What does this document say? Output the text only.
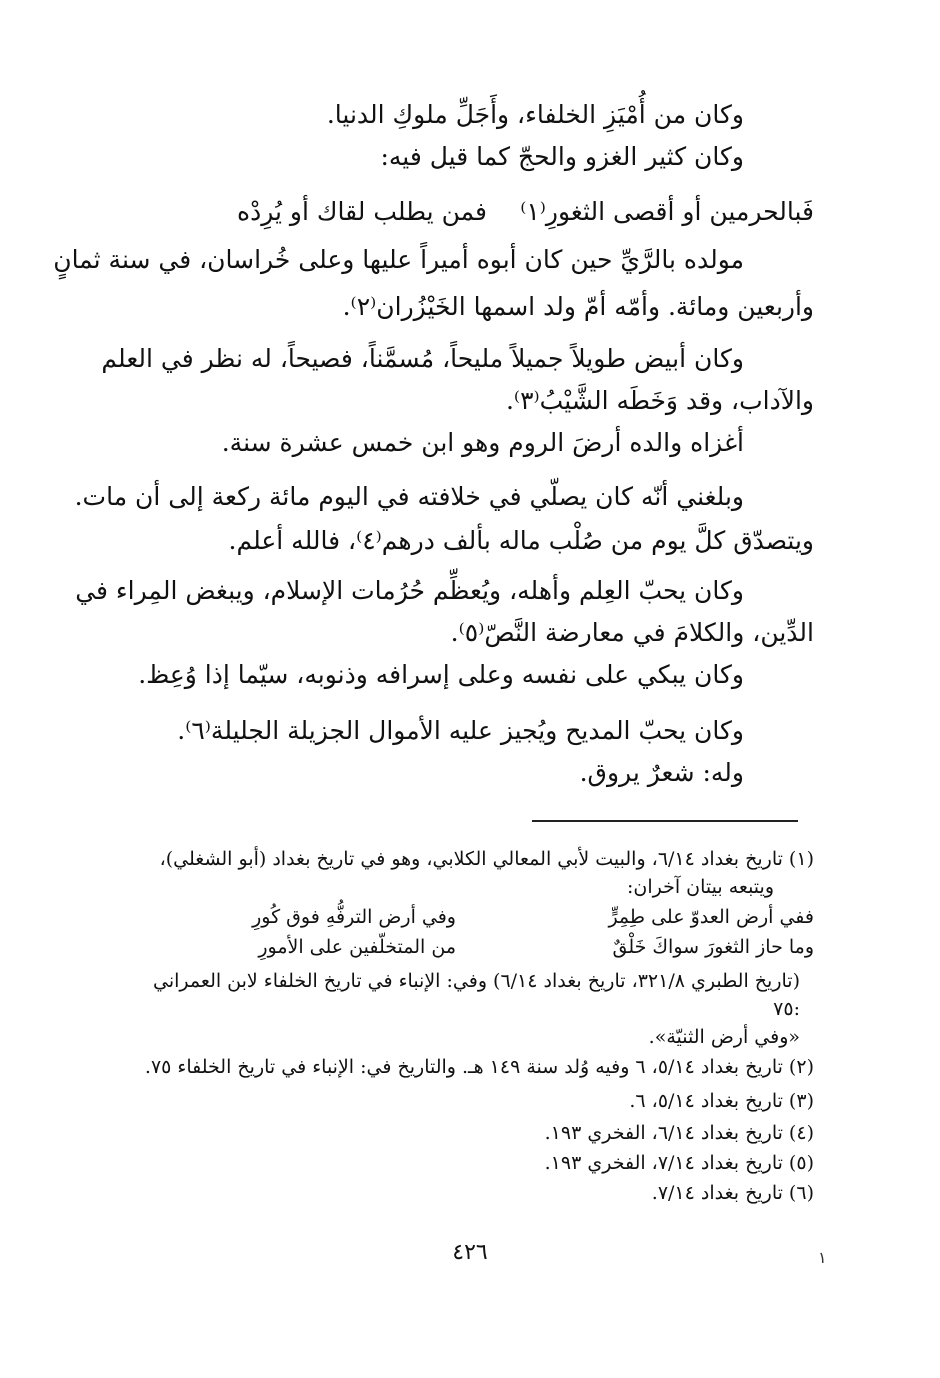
وكان من أُمْيَزِ الخلفاء، وأَجَلِّ ملوكِ الدنيا.
وكان كثير الغزو والحجّ كما قيل فيه:
فمن يطلب لقاك أو يُرِدْه فَبالحرمين أو أقصى الثغورِ⁽١⁾
مولده بالرَّيِّ حين كان أبوه أميراً عليها وعلى خُراسان، في سنة ثمانٍ
وأربعين ومائة. وأمّه أمّ ولد اسمها الخَيْزُران⁽٢⁾.
وكان أبيض طويلاً جميلاً مليحاً، مُسمَّناً، فصيحاً، له نظر في العلم
والآداب، وقد وَخَطَه الشَّيْبُ⁽٣⁾.
أغزاه والده أرضَ الروم وهو ابن خمس عشرة سنة.
وبلغني أنّه كان يصلّي في خلافته في اليوم مائة ركعة إلى أن مات.
ويتصدّق كلَّ يوم من صُلْب ماله بألف درهم⁽٤⁾، فالله أعلم.
وكان يحبّ العِلم وأهله، ويُعظِّم حُرُمات الإسلام، ويبغض المِراء في
الدِّين، والكلامَ في معارضة النَّصّ⁽٥⁾.
وكان يبكي على نفسه وعلى إسرافه وذنوبه، سيّما إذا وُعِظ.
وكان يحبّ المديح ويُجيز عليه الأموال الجزيلة الجليلة⁽٦⁾.
وله: شعرٌ يروق.
(١) تاريخ بغداد ٦/١٤، والبيت لأبي المعالي الكلابي، وهو في تاريخ بغداد (أبو الشغلي)،
ويتبعه بيتان آخران:
ففي أرض العدوّ على طِمِرٍّ
وفي أرض الترفُّهِ فوق كُورِ
وما حاز الثغورَ سواكَ خَلْقٌ
من المتخلّفين على الأمورِ
(تاريخ الطبري ٣٢١/٨، تاريخ بغداد ٦/١٤) وفي: الإنباء في تاريخ الخلفاء لابن العمراني
٧٥:
«وفي أرض الثنيّة».
(٢) تاريخ بغداد ٥/١٤، ٦ وفيه وُلد سنة ١٤٩ هـ. والتاريخ في: الإنباء في تاريخ الخلفاء ٧٥.
(٣) تاريخ بغداد ٥/١٤، ٦.
(٤) تاريخ بغداد ٦/١٤، الفخري ١٩٣.
(٥) تاريخ بغداد ٧/١٤، الفخري ١٩٣.
(٦) تاريخ بغداد ٧/١٤.
٤٢٦	١
